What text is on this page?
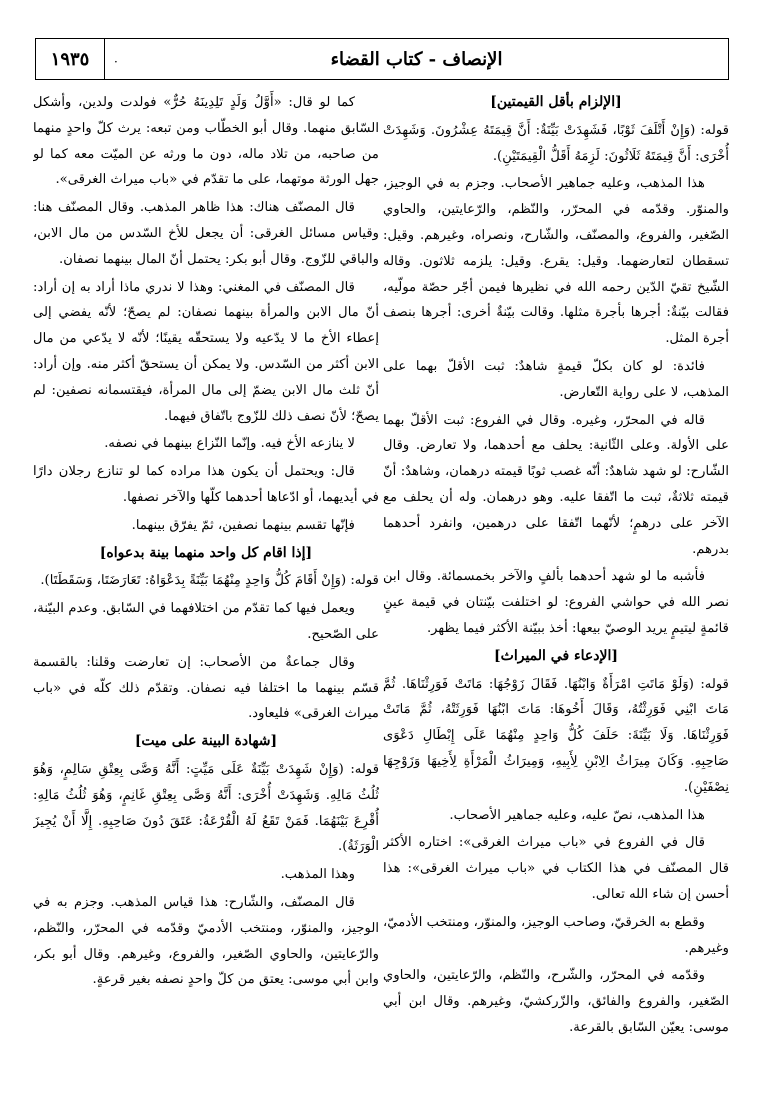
١٩٣٥	·	الإنصاف - كتاب القضاء

[الإلزام بأقل القيمتين]

قوله: (وَإِنْ أَتْلَفَ ثَوْبًا، فَشَهِدَتْ بَيِّنَةٌ: أَنَّ قِيمَتَهُ عِشْرُونَ. وَشَهِدَتْ أُخْرَى: أَنَّ قِيمَتَهُ ثَلَاثُونَ: لَزِمَهُ أَقَلُّ الْقِيمَتَيْنِ).

هذا المذهب، وعليه جماهير الأصحاب. وجزم به في الوجيز، والمنوّر. وقدّمه في المحرّر، والنّظم، والرّعايتين، والحاوي الصّغير، والفروع، والمصنّف، والشّارح، ونصراه، وغيرهم. وقيل: تسقطان لتعارضهما. وقيل: يقرع. وقيل: يلزمه ثلاثون. وقاله الشّيخ تقيّ الدّين رحمه الله في نظيرها فيمن أجّر حصّة مولّيه، فقالت بيّنةٌ: أجرها بأجرة مثلها. وقالت بيّنةٌ أخرى: أجرها بنصف أجرة المثل.

فائدة: لو كان بكلّ قيمةٍ شاهدٌ: ثبت الأقلّ بهما على المذهب، لا على رواية التّعارض.

قاله في المحرّر، وغيره. وقال في الفروع: ثبت الأقلّ بهما على الأولة. وعلى الثّانية: يحلف مع أحدهما، ولا تعارض. وقال الشّارح: لو شهد شاهدٌ: أنّه غصب ثوبًا قيمته درهمان، وشاهدٌ: أنّ قيمته ثلاثةٌ، ثبت ما اتّفقا عليه. وهو درهمان. وله أن يحلف مع الآخر على درهمٍ؛ لأنّهما اتّفقا على درهمين، وانفرد أحدهما بدرهم.

فأشبه ما لو شهد أحدهما بألفٍ والآخر بخمسمائة. وقال ابن نصر الله في حواشي الفروع: لو اختلفت بيّنتان في قيمة عينٍ قائمةٍ ليتيمٍ يريد الوصيّ بيعها: أخذ ببيّنة الأكثر فيما يظهر.

[الإدعاء في الميراث]

قوله: (وَلَوْ مَاتَتِ امْرَأَةٌ وَابْنُهَا. فَقَالَ زَوْجُهَا: مَاتَتْ فَوَرِثْنَاهَا. ثُمَّ مَاتَ ابْنِي فَوَرِثْتُهُ، وَقَالَ أَخُوهَا: مَاتَ ابْنُهَا فَوَرِثَتْهُ، ثُمَّ مَاتَتْ فَوَرِثْنَاهَا. وَلَا بَيِّنَةَ: حَلَفَ كُلُّ وَاحِدٍ مِنْهُمَا عَلَى إِبْطَالِ دَعْوَى صَاحِبِهِ. وَكَانَ مِيرَاثُ الِابْنِ لِأَبِيهِ، وَمِيرَاثُ الْمَرْأَةِ لِأَخِيهَا وَزَوْجِهَا نِصْفَيْنِ).

هذا المذهب، نصّ عليه، وعليه جماهير الأصحاب.

قال في الفروع في «باب ميراث الغرقى»: اختاره الأكثر قال المصنّف في هذا الكتاب في «باب ميراث الغرقى»: هذا أحسن إن شاء الله تعالى.

وقطع به الخرقيّ، وصاحب الوجيز، والمنوّر، ومنتخب الأدميّ، وغيرهم.

وقدّمه في المحرّر، والشّرح، والنّظم، والرّعايتين، والحاوي الصّغير، والفروع والفائق، والزّركشيّ، وغيرهم. وقال ابن أبي موسى: يعيّن السّابق بالقرعة.

كما لو قال: «أَوَّلُ وَلَدٍ تَلِدِينَهُ حُرٌّ» فولدت ولدين، وأشكل السّابق منهما. وقال أبو الخطّاب ومن تبعه: يرث كلّ واحدٍ منهما من صاحبه، من تلاد ماله، دون ما ورثه عن الميّت معه كما لو جهل الورثة موتهما، على ما تقدّم في «باب ميراث الغرقى».

قال المصنّف هناك: هذا ظاهر المذهب. وقال المصنّف هنا: وقياس مسائل الغرقى: أن يجعل للأخ السّدس من مال الابن، والباقي للزّوج. وقال أبو بكر: يحتمل أنّ المال بينهما نصفان.

قال المصنّف في المغني: وهذا لا ندري ماذا أراد به إن أراد: أنّ مال الابن والمرأة بينهما نصفان: لم يصحّ؛ لأنّه يفضي إلى إعطاء الأخ ما لا يدّعيه ولا يستحقّه يقينًا؛ لأنّه لا يدّعي من مال الابن أكثر من السّدس. ولا يمكن أن يستحقّ أكثر منه. وإن أراد: أنّ ثلث مال الابن يضمّ إلى مال المرأة، فيقتسمانه نصفين: لم يصحّ؛ لأنّ نصف ذلك للزّوج باتّفاق فيهما.

لا ينازعه الأخ فيه. وإنّما النّزاع بينهما في نصفه.

قال: ويحتمل أن يكون هذا مراده كما لو تنازع رجلان دارًا في أيديهما، أو ادّعاها أحدهما كلّها والآخر نصفها.

فإنّها تقسم بينهما نصفين، ثمّ يفرّق بينهما.

[إذا اقام كل واحد منهما بينة بدعواه]

قوله: (وَإِنْ أَقَامَ كُلُّ وَاحِدٍ مِنْهُمَا بَيِّنَةً بِدَعْوَاهُ: تَعَارَضَتَا، وَسَقَطَتَا).

ويعمل فيها كما تقدّم من اختلافهما في السّابق. وعدم البيّنة، على الصّحيح.

وقال جماعةٌ من الأصحاب: إن تعارضت وقلنا: بالقسمة قسّم بينهما ما اختلفا فيه نصفان. وتقدّم ذلك كلّه في «باب ميراث الغرقى» فليعاود.

[شهادة البينة على ميت]

قوله: (وَإِنْ شَهِدَتْ بَيِّنَةٌ عَلَى مَيِّتٍ: أَنَّهُ وَصَّى بِعِتْقِ سَالِمٍ، وَهُوَ ثُلُثُ مَالِهِ. وَشَهِدَتْ أُخْرَى: أَنَّهُ وَصَّى بِعِتْقِ غَانِمٍ، وَهُوَ ثُلُثُ مَالِهِ: أُقْرِعَ بَيْنَهُمَا. فَمَنْ تَقَعُ لَهُ الْقُرْعَةُ: عَتَقَ دُونَ صَاحِبِهِ. إِلَّا أَنْ يُجِيزَ الْوَرَثَةُ).

وهذا المذهب.

قال المصنّف، والشّارح: هذا قياس المذهب. وجزم به في الوجيز، والمنوّر، ومنتخب الأدميّ وقدّمه في المحرّر، والنّظم، والرّعايتين، والحاوي الصّغير، والفروع، وغيرهم. وقال أبو بكر، وابن أبي موسى: يعتق من كلّ واحدٍ نصفه بغير قرعةٍ.
